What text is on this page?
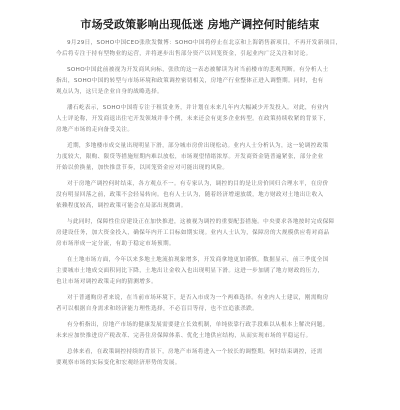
市场受政策影响出现低迷 房地产调控何时能结束
9月29日，SOHO中国CEO张欣发微博：SOHO中国将停止在北京和上海销售新项目，不再开发新项目，
今后将专注于持有型物业的运营，并将逐步出售部分资产以回笼资金，引起业内广泛关注和讨论。
SOHO中国此前被视为开发商风向标，张欣的这一表态被解读为对当前楼市的悲观判断。有分析人士
指出，SOHO中国的转型与市场环境和政策调控密切相关，房地产行业整体正进入调整期。同时，也有
观点认为，这只是企业自身的战略选择。
潘石屹表示，SOHO中国将专注于租赁业务，并计划在未来几年内大幅减少开发投入。对此，有业内
人士评论称，开发商退出住宅开发领域并非个例，未来还会有更多企业转型。在政策持续收紧的背景下，
房地产市场的走向备受关注。
近期，多地楼市成交量出现明显下滑，部分城市房价出现松动。业内人士分析认为，这一轮调控政策
力度较大，限购、限贷等措施短期内难以放松，市场观望情绪浓厚。开发商资金链普遍紧张，部分企业
开始以价换量，加快推盘节奏，以回笼资金应对可能出现的风险。
对于房地产调控何时结束，各方观点不一。有专家认为，调控的目的是让房价回归合理水平，在房价
没有明显回落之前，政策不会轻易转向。也有人士认为，随着经济增速放缓，地方财政对土地出让收入
依赖程度较高，调控政策可能会在局部出现微调。
与此同时，保障性住房建设正在加快推进，这被视为调控的重要配套措施。中央要求各地按时完成保障
房建设任务，加大资金投入，确保年内开工目标如期实现。业内人士认为，保障房的大规模供应将对商品
房市场形成一定分流，有助于稳定市场预期。
在土地市场方面，今年以来多地土地流拍现象增多，开发商拿地更加谨慎。数据显示，前三季度全国
主要城市土地成交面积同比下降，土地出让金收入也出现明显下滑。这进一步加剧了地方财政的压力，
也让市场对调控政策走向的猜测增多。
对于普通购房者来说，在当前市场环境下，是否入市成为一个两难选择。有业内人士建议，刚需购房
者可以根据自身需求和经济能力理性选择，不必盲目等待，也不宜追涨杀跌。
有分析指出，房地产市场的健康发展需要建立长效机制，单纯依靠行政手段难以从根本上解决问题。
未来应加快推进房产税改革、完善住房保障体系、优化土地供应结构，从而实现市场的平稳运行。
总体来看，在政策调控持续的背景下，房地产市场将进入一个较长的调整期。何时结束调控，还需
要观察市场的实际变化和宏观经济形势的发展。
